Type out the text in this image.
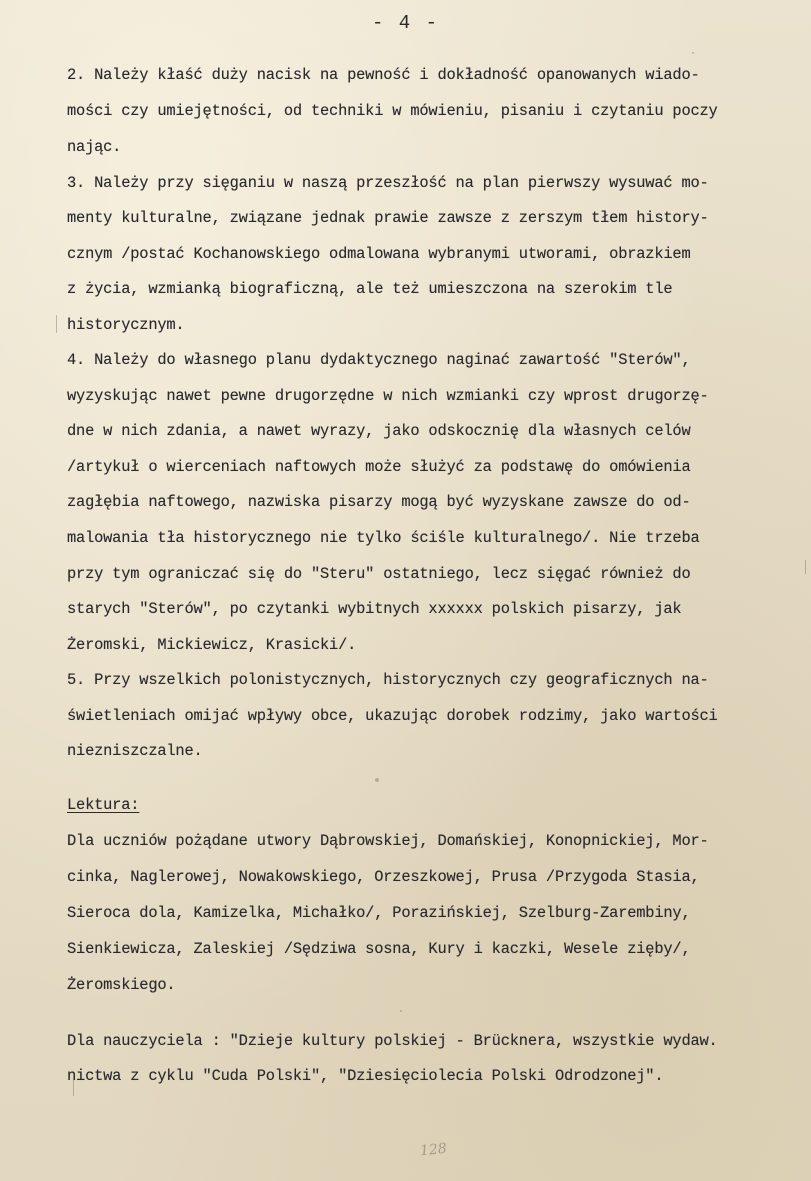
- 4 -

2. Należy kłaść duży nacisk na pewność i dokładność opanowanych wiado-

mości czy umiejętności, od techniki w mówieniu, pisaniu i czytaniu poczy

nając.

3. Należy przy sięganiu w naszą przeszłość na plan pierwszy wysuwać mo-

menty kulturalne, związane jednak prawie zawsze z zerszym tłem history-

cznym /postać Kochanowskiego odmalowana wybranymi utworami, obrazkiem

z życia, wzmianką biograficzną, ale też umieszczona na szerokim tle

historycznym.

4. Należy do własnego planu dydaktycznego naginać zawartość "Sterów",

wyzyskując nawet pewne drugorzędne w nich wzmianki czy wprost drugorzę-

dne w nich zdania, a nawet wyrazy, jako odskocznię dla własnych celów

/artykuł o wierceniach naftowych może służyć za podstawę do omówienia

zagłębia naftowego, nazwiska pisarzy mogą być wyzyskane zawsze do od-

malowania tła historycznego nie tylko ściśle kulturalnego/. Nie trzeba

przy tym ograniczać się do "Steru" ostatniego, lecz sięgać również do

starych "Sterów", po czytanki wybitnych xxxxxx polskich pisarzy, jak

Żeromski, Mickiewicz, Krasicki/.

5. Przy wszelkich polonistycznych, historycznych czy geograficznych na-

świetleniach omijać wpływy obce, ukazując dorobek rodzimy, jako wartości

niezniszczalne.

Lektura:

Dla uczniów pożądane utwory Dąbrowskiej, Domańskiej, Konopnickiej, Mor-

cinka, Naglerowej, Nowakowskiego, Orzeszkowej, Prusa /Przygoda Stasia,

Sieroca dola, Kamizelka, Michałko/, Porazińskiej, Szelburg-Zarembiny,

Sienkiewicza, Zaleskiej /Sędziwa sosna, Kury i kaczki, Wesele zięby/,

Żeromskiego.

Dla nauczyciela : "Dzieje kultury polskiej - Brücknera, wszystkie wydaw.

nictwa z cyklu "Cuda Polski", "Dziesięciolecia Polski Odrodzonej".

128
